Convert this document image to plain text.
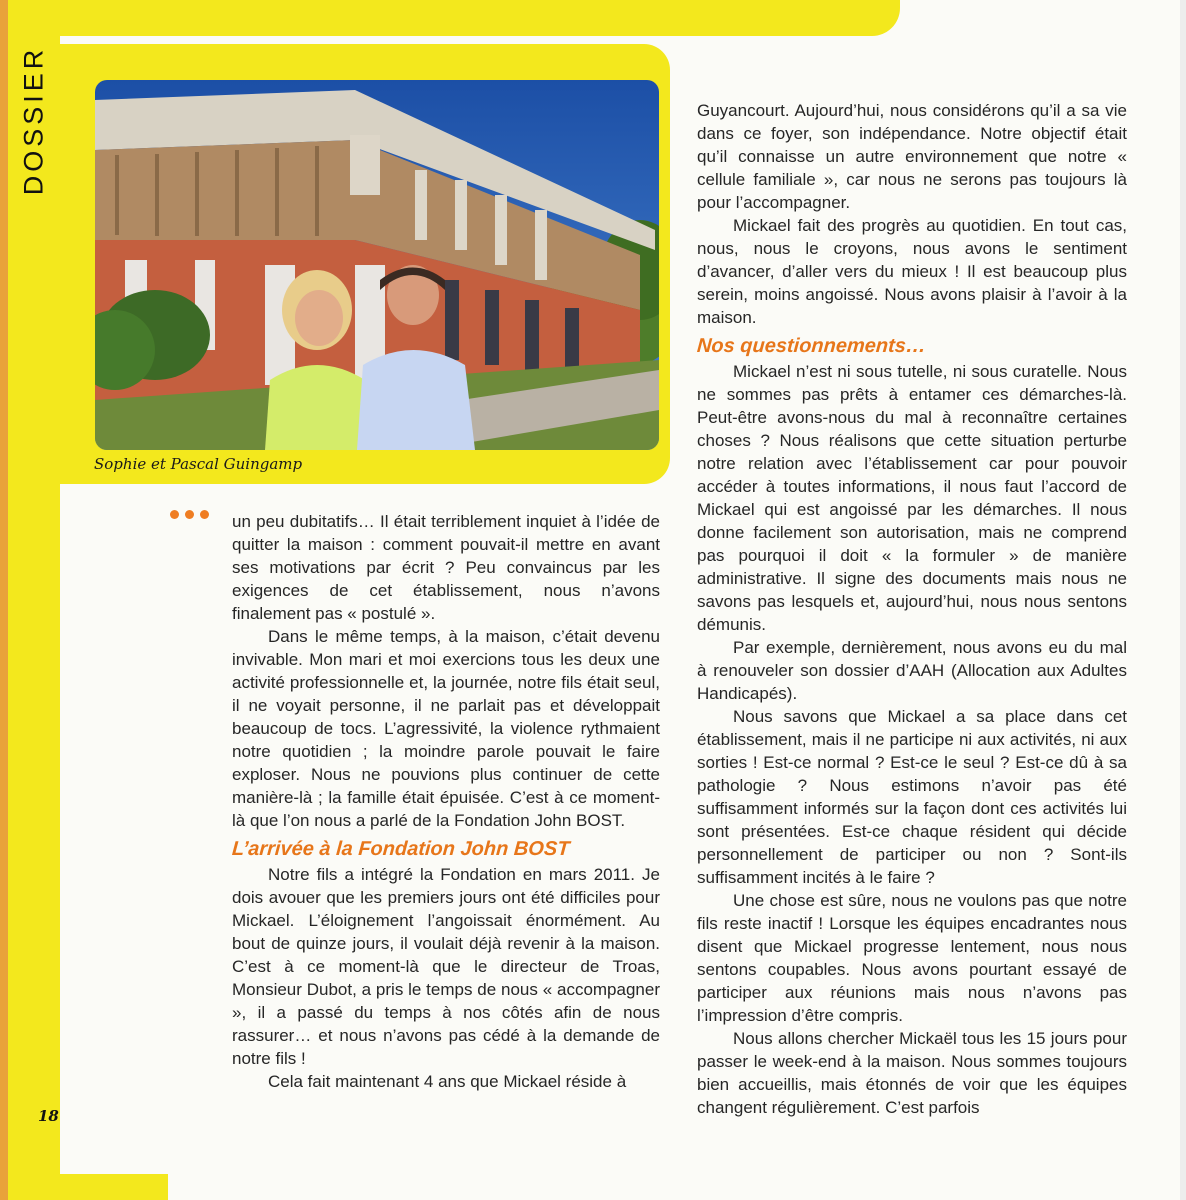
DOSSIER
Sophie et Pascal Guingamp

un peu dubitatifs… Il était terriblement inquiet à l’idée de quitter la maison : comment pouvait-il mettre en avant ses motivations par écrit ? Peu convaincus par les exigences de cet établissement, nous n’avons finalement pas « postulé ».

Dans le même temps, à la maison, c’était devenu invivable. Mon mari et moi exercions tous les deux une activité professionnelle et, la journée, notre fils était seul, il ne voyait personne, il ne parlait pas et développait beaucoup de tocs. L’agressivité, la violence rythmaient notre quotidien ; la moindre parole pouvait le faire exploser. Nous ne pouvions plus continuer de cette manière-là ; la famille était épuisée. C’est à ce moment-là que l’on nous a parlé de la Fondation John BOST.

L’arrivée à la Fondation John BOST

Notre fils a intégré la Fondation en mars 2011. Je dois avouer que les premiers jours ont été difficiles pour Mickael. L’éloignement l’angoissait énormément. Au bout de quinze jours, il voulait déjà revenir à la maison. C’est à ce moment-là que le directeur de Troas, Monsieur Dubot, a pris le temps de nous « accompagner », il a passé du temps à nos côtés afin de nous rassurer… et nous n’avons pas cédé à la demande de notre fils !

Cela fait maintenant 4 ans que Mickael réside à

Guyancourt. Aujourd’hui, nous considérons qu’il a sa vie dans ce foyer, son indépendance. Notre objectif était qu’il connaisse un autre environnement que notre « cellule familiale », car nous ne serons pas toujours là pour l’accompagner.

Mickael fait des progrès au quotidien. En tout cas, nous, nous le croyons, nous avons le sentiment d’avancer, d’aller vers du mieux ! Il est beaucoup plus serein, moins angoissé. Nous avons plaisir à l’avoir à la maison.

Nos questionnements…

Mickael n’est ni sous tutelle, ni sous curatelle. Nous ne sommes pas prêts à entamer ces démarches-là. Peut-être avons-nous du mal à reconnaître certaines choses ? Nous réalisons que cette situation perturbe notre relation avec l’établissement car pour pouvoir accéder à toutes informations, il nous faut l’accord de Mickael qui est angoissé par les démarches. Il nous donne facilement son autorisation, mais ne comprend pas pourquoi il doit « la formuler » de manière administrative. Il signe des documents mais nous ne savons pas lesquels et, aujourd’hui, nous nous sentons démunis.

Par exemple, dernièrement, nous avons eu du mal à renouveler son dossier d’AAH (Allocation aux Adultes Handicapés).

Nous savons que Mickael a sa place dans cet établissement, mais il ne participe ni aux activités, ni aux sorties ! Est-ce normal ? Est-ce le seul ? Est-ce dû à sa pathologie ? Nous estimons n’avoir pas été suffisamment informés sur la façon dont ces activités lui sont présentées. Est-ce chaque résident qui décide personnellement de participer ou non ? Sont-ils suffisamment incités à le faire ?

Une chose est sûre, nous ne voulons pas que notre fils reste inactif ! Lorsque les équipes encadrantes nous disent que Mickael progresse lentement, nous nous sentons coupables. Nous avons pourtant essayé de participer aux réunions mais nous n’avons pas l’impression d’être compris.

Nous allons chercher Mickaël tous les 15 jours pour passer le week-end à la maison. Nous sommes toujours bien accueillis, mais étonnés de voir que les équipes changent régulièrement. C’est parfois

18
